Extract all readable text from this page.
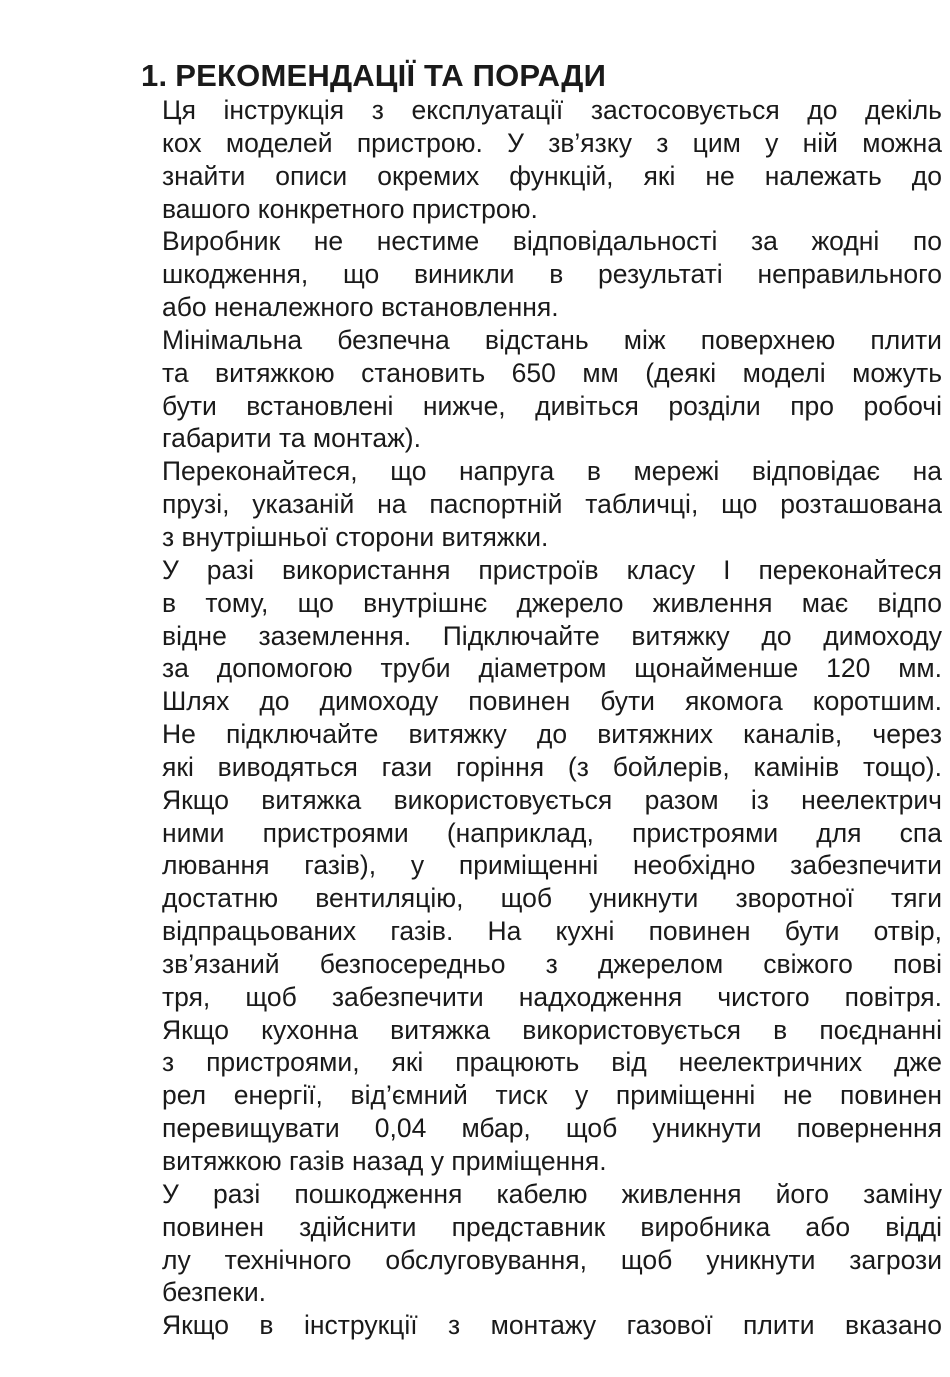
1. РЕКОМЕНДАЦІЇ ТА ПОРАДИ
Ця інструкція з експлуатації застосовується до декіль
кох моделей пристрою. У зв’язку з цим у ній можна
знайти описи окремих функцій, які не належать до
вашого конкретного пристрою.
Виробник не нестиме відповідальності за жодні по
шкодження, що виникли в результаті неправильного
або неналежного встановлення.
Мінімальна безпечна відстань між поверхнею плити
та витяжкою становить 650 мм (деякі моделі можуть
бути встановлені нижче, дивіться розділи про робочі
габарити та монтаж).
Переконайтеся, що напруга в мережі відповідає на
прузі, указаній на паспортній табличці, що розташована
з внутрішньої сторони витяжки.
У разі використання пристроїв класу I переконайтеся
в тому, що внутрішнє джерело живлення має відпо
відне заземлення. Підключайте витяжку до димоходу
за допомогою труби діаметром щонайменше 120 мм.
Шлях до димоходу повинен бути якомога коротшим.
Не підключайте витяжку до витяжних каналів, через
які виводяться гази горіння (з бойлерів, камінів тощо).
Якщо витяжка використовується разом із неелектрич
ними пристроями (наприклад, пристроями для спа
лювання газів), у приміщенні необхідно забезпечити
достатню вентиляцію, щоб уникнути зворотної тяги
відпрацьованих газів. На кухні повинен бути отвір,
зв’язаний безпосередньо з джерелом свіжого пові
тря, щоб забезпечити надходження чистого повітря.
Якщо кухонна витяжка використовується в поєднанні
з пристроями, які працюють від неелектричних дже
рел енергії, від’ємний тиск у приміщенні не повинен
перевищувати 0,04 мбар, щоб уникнути повернення
витяжкою газів назад у приміщення.
У разі пошкодження кабелю живлення його заміну
повинен здійснити представник виробника або відді
лу технічного обслуговування, щоб уникнути загрози
безпеки.
Якщо в інструкції з монтажу газової плити вказано
